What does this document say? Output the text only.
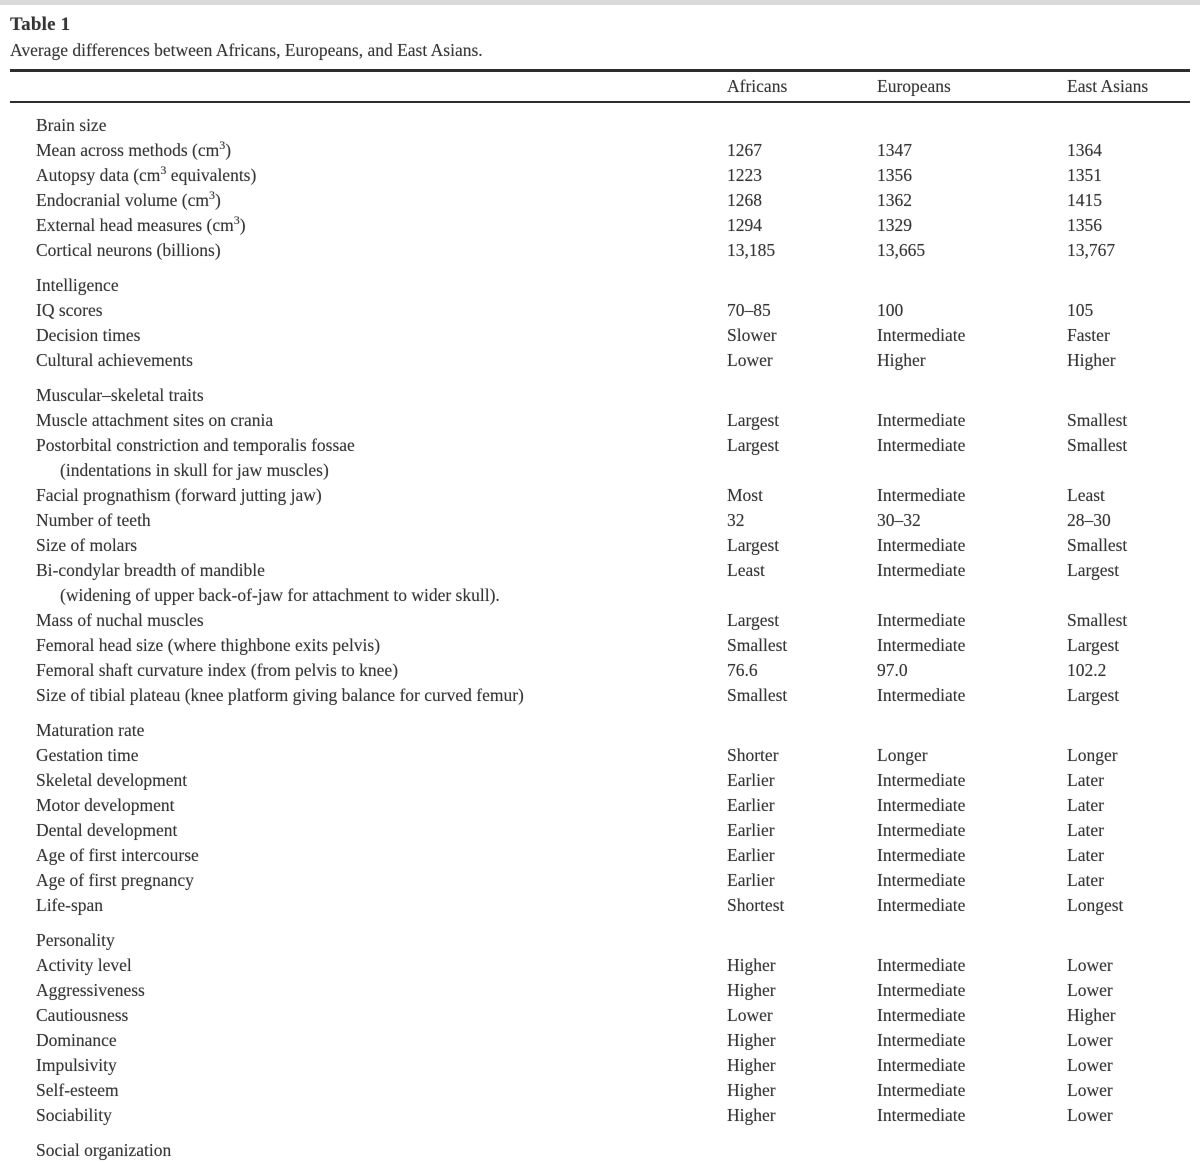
Table 1
Average differences between Africans, Europeans, and East Asians.
Africans	Europeans	East Asians
Brain size
Mean across methods $(cm^3)$	1267	1347	1364
Autopsy data ($cm^3$ equivalents)	1223	1356	1351
Endocranial volume $(cm^3)$	1268	1362	1415
External head measures $(cm^3)$	1294	1329	1356
Cortical neurons (billions)	13,185	13,665	13,767
Intelligence
IQ scores	70–85	100	105
Decision times	Slower	Intermediate	Faster
Cultural achievements	Lower	Higher	Higher
Muscular–skeletal traits
Muscle attachment sites on crania	Largest	Intermediate	Smallest
Postorbital constriction and temporalis fossae	Largest	Intermediate	Smallest
(indentations in skull for jaw muscles)
Facial prognathism (forward jutting jaw)	Most	Intermediate	Least
Number of teeth	32	30–32	28–30
Size of molars	Largest	Intermediate	Smallest
Bi-condylar breadth of mandible	Least	Intermediate	Largest
(widening of upper back-of-jaw for attachment to wider skull).
Mass of nuchal muscles	Largest	Intermediate	Smallest
Femoral head size (where thighbone exits pelvis)	Smallest	Intermediate	Largest
Femoral shaft curvature index (from pelvis to knee)	76.6	97.0	102.2
Size of tibial plateau (knee platform giving balance for curved femur)	Smallest	Intermediate	Largest
Maturation rate
Gestation time	Shorter	Longer	Longer
Skeletal development	Earlier	Intermediate	Later
Motor development	Earlier	Intermediate	Later
Dental development	Earlier	Intermediate	Later
Age of first intercourse	Earlier	Intermediate	Later
Age of first pregnancy	Earlier	Intermediate	Later
Life-span	Shortest	Intermediate	Longest
Personality
Activity level	Higher	Intermediate	Lower
Aggressiveness	Higher	Intermediate	Lower
Cautiousness	Lower	Intermediate	Higher
Dominance	Higher	Intermediate	Lower
Impulsivity	Higher	Intermediate	Lower
Self-esteem	Higher	Intermediate	Lower
Sociability	Higher	Intermediate	Lower
Social organization
